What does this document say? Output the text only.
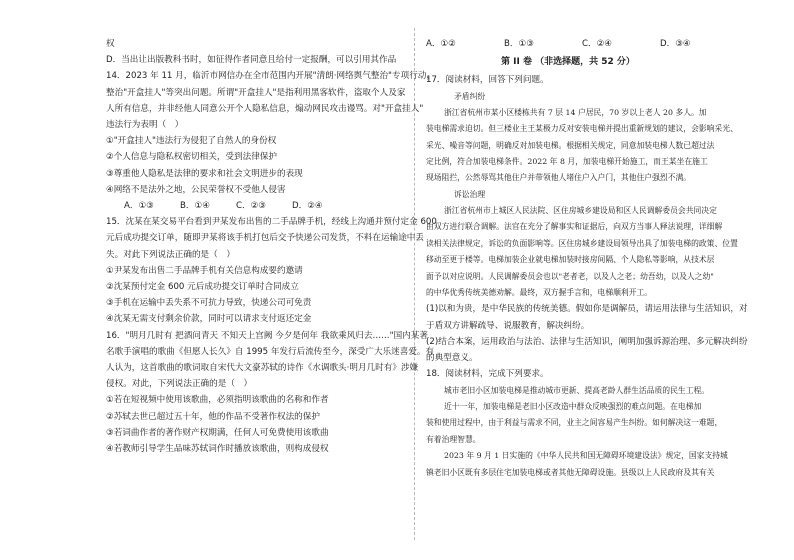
权
D．当出让出版教科书时，如征得作者同意且给付一定报酬，可以引用其作品
14．2023 年 11 月，临沂市网信办在全市范围内开展"清朗·网络舆气整治"专项行动，
整治"开盒挂人"等突出问题。所谓"开盒挂人"是指利用黑客软件，盗取个人及家
人所有信息，并非经他人同意公开个人隐私信息，煽动网民攻击谩骂。对"开盒挂人"
违法行为表明（　）
①"开盒挂人"违法行为侵犯了自然人的身份权
②个人信息与隐私权密切相关，受到法律保护
③尊重他人隐私是法律的要求和社会文明进步的表现
④网络不是法外之地，公民荣誉权不受他人侵害
A．①③	B．①④	C．②③	D．②④
15．沈某在某交易平台看到尹某发布出售的二手品牌手机，经线上沟通并预付定金 600
元后成功提交订单，随即尹某将该手机打包后交予快递公司发货，不料在运输途中丢
失。对此下列说法正确的是（　）
①尹某发布出售二手品牌手机有关信息构成要约邀请
②沈某预付定金 600 元后成功提交订单时合同成立
③手机在运输中丢失系不可抗力导致，快递公司可免责
④沈某无需支付剩余价款，同时可以请求支付返还定金
16．"明月几时有 把酒问青天 不知天上宫阙 今夕是何年 我欲乘风归去……"国内某著
名歌手演唱的歌曲《但愿人长久》自 1995 年发行后流传至今，深受广大乐迷喜爱。有
人认为，这首歌曲的歌词取自宋代大文豪苏轼的诗作《水调歌头·明月几时有》涉嫌
侵权。对此，下列说法正确的是（　）
①若在短视频中使用该歌曲，必须指明该歌曲的名称和作者
②苏轼去世已超过五十年，他的作品不受著作权法的保护
③若词曲作者的著作财产权期满，任何人可免费使用该歌曲
④若教师引导学生品味苏轼词作时播放该歌曲，则构成侵权
A．①②	B．①③	C．②④	D．③④
第 II 卷 （非选择题，共 52 分）
17．阅读材料，回答下列问题。
矛盾纠纷
浙江省杭州市某小区楼栋共有 7 层 14 户居民，70 岁以上老人 20 多人。加
装电梯需求迫切。但三楼业主王某极力反对安装电梯并提出重新规划的建议，会影响采光、
采光、噪音等问题，明确反对加装电梯。根据相关规定，同意加装电梯人数已超过法
定比例，符合加装电梯条件。2022 年 8 月，加装电梯开始施工，而王某坐在施工
现场阻拦，公然辱骂其他住户并带领他人堵住户入户门，其他住户强烈不满。
诉讼治理
浙江省杭州市上城区人民法院、区住房城乡建设局和区人民调解委员会共同决定
由双方进行联合调解。法官在充分了解事实和证据后，向双方当事人释法说理，详细解
读相关法律规定，诉讼的负面影响等。区住房城乡建设局领导出具了加装电梯的政策、位置
移动至更于楼等。电梯加装企业就电梯加装时接房间隔、个人隐私等影响，从技术层
面予以对应说明。人民调解委员会也以"老者老，以及人之老；幼吾幼，以及人之幼"
的中华优秀传统美德劝解。最终，双方握手言和，电梯顺利开工。
(1)以和为贵，是中华民族的传统美德。假如你是调解员，请运用法律与生活知识，对
于盾双方讲解疏导、说服教育，解决纠纷。
(2)结合本案，运用政治与法治、法律与生活知识，阐明加强诉源治理、多元解决纠纷
的典型意义。
18．阅读材料，完成下列要求。
城市老旧小区加装电梯是推动城市更新、提高老龄人群生活品质的民生工程。
近十一年，加装电梯是老旧小区改造中群众反映强烈的难点问题。在电梯加
装和使用过程中，由于利益与需求不同，业主之间容易产生纠纷。如何解决这一难题，
有着治理智慧。
2023 年 9 月 1 日实施的《中华人民共和国无障碍环境建设法》规定，国家支持城
镇老旧小区既有多层住宅加装电梯或者其他无障碍设施。县级以上人民政府及其有关
